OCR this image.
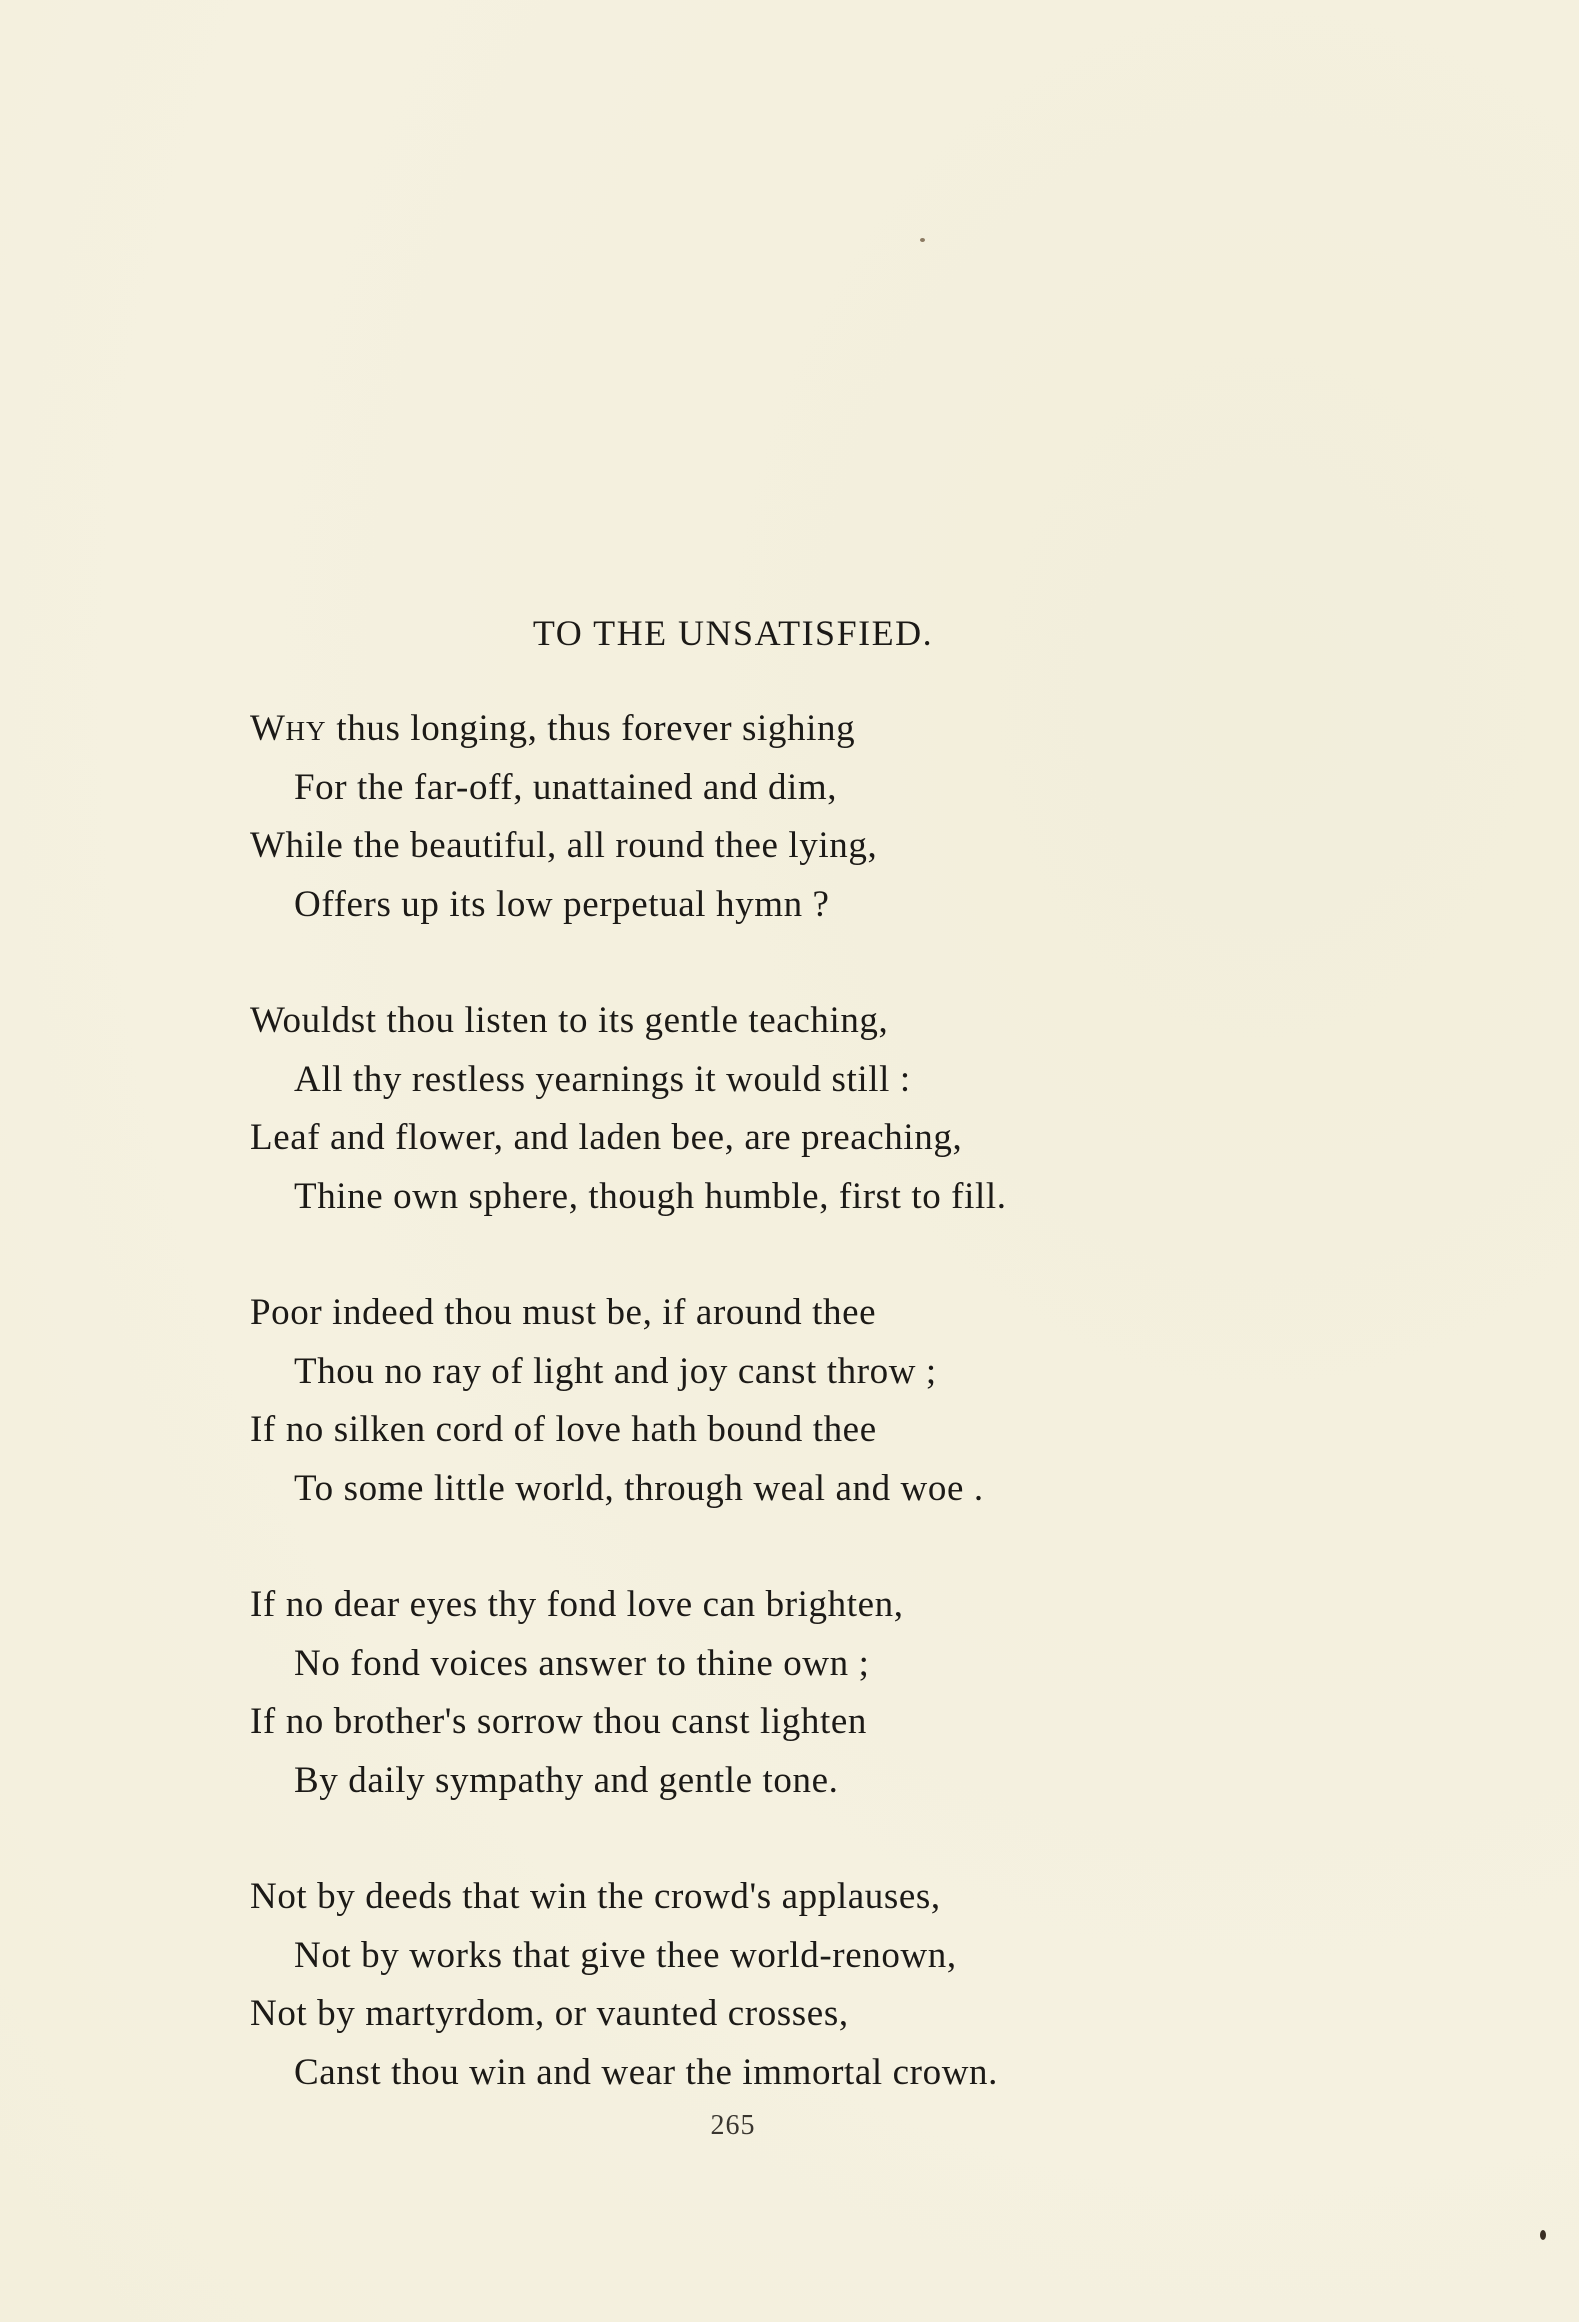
TO THE UNSATISFIED.
WHY thus longing, thus forever sighing
For the far-off, unattained and dim,
While the beautiful, all round thee lying,
Offers up its low perpetual hymn ?
Wouldst thou listen to its gentle teaching,
All thy restless yearnings it would still :
Leaf and flower, and laden bee, are preaching,
Thine own sphere, though humble, first to fill.
Poor indeed thou must be, if around thee
Thou no ray of light and joy canst throw ;
If no silken cord of love hath bound thee
To some little world, through weal and woe .
If no dear eyes thy fond love can brighten,
No fond voices answer to thine own ;
If no brother's sorrow thou canst lighten
By daily sympathy and gentle tone.
Not by deeds that win the crowd's applauses,
Not by works that give thee world-renown,
Not by martyrdom, or vaunted crosses,
Canst thou win and wear the immortal crown.
265
